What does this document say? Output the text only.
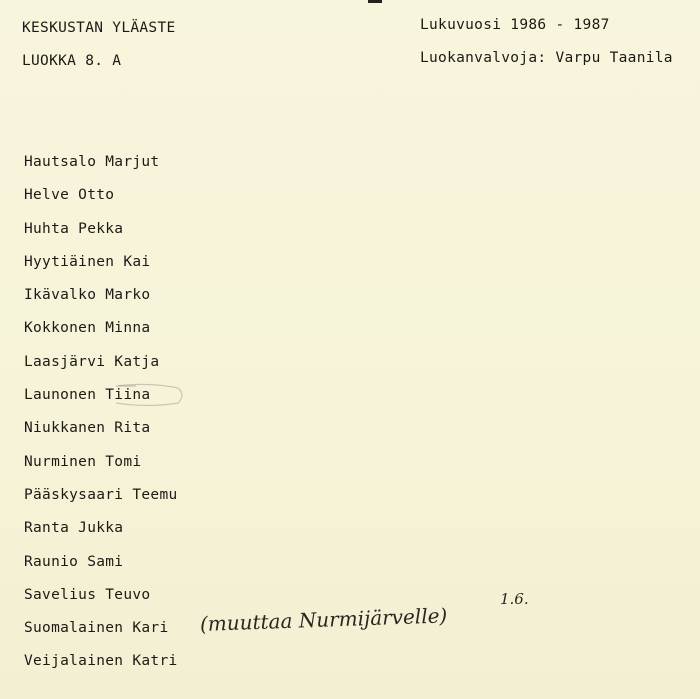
KESKUSTAN YLÄASTE
LUOKKA 8. A
Lukuvuosi 1986 - 1987
Luokanvalvoja: Varpu Taanila
Hautsalo Marjut
Helve Otto
Huhta Pekka
Hyytiäinen Kai
Ikävalko Marko
Kokkonen Minna
Laasjärvi Katja
Launonen Tiina
Niukkanen Rita
Nurminen Tomi
Pääskysaari Teemu
Ranta Jukka
Raunio Sami
Savelius Teuvo
Suomalainen Kari
Veijalainen Katri
1.6.
(muuttaa Nurmijärvelle)
